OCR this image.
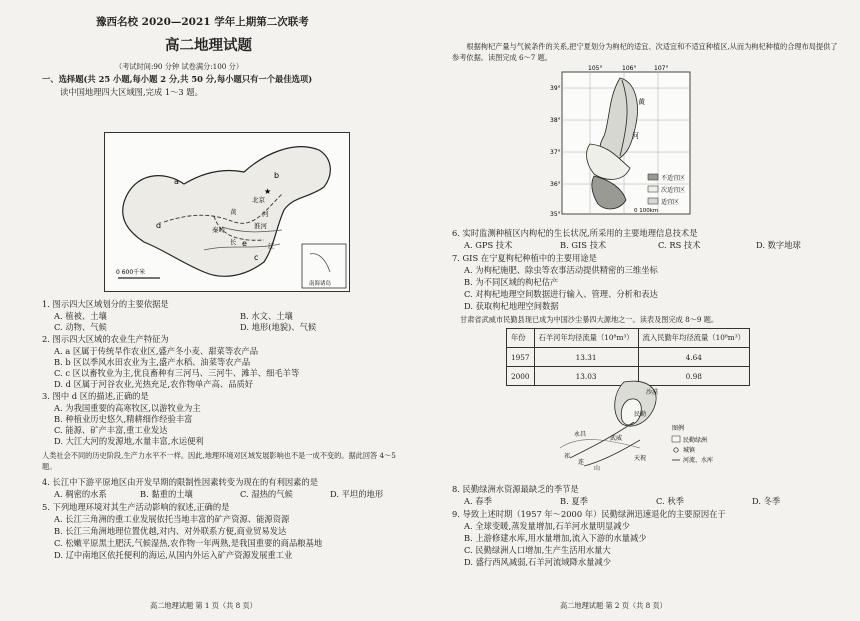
豫西名校 2020—2021 学年上期第二次联考
高二地理试题
（考试时间:90 分钟 试卷满分:100 分）
一、选择题(共 25 小题,每小题 2 分,共 50 分,每小题只有一个最佳选项)
读中国地理四大区域图,完成 1～3 题。
a
b
c
d
e
北京
★
黄	河
秦岭	淮河
长	江
0 600千米
南海诸岛
1. 图示四大区域划分的主要依据是
A. 植被、土壤	B. 水文、土壤
C. 动物、气候	D. 地形(地貌)、气候
2. 图示四大区域的农业生产特征为
A. a 区属于传统旱作农业区,盛产冬小麦、甜菜等农产品
B. b 区以季风水田农业为主,盛产水稻、油菜等农产品
C. c 区以畜牧业为主,优良畜种有三河马、三河牛、滩羊、细毛羊等
D. d 区属于河谷农业,光热充足,农作物单产高、品质好
3. 图中 d 区的描述,正确的是
A. 为我国重要的高寒牧区,以游牧业为主
B. 种植业历史悠久,精耕细作经验丰富
C. 能源、矿产丰富,重工业发达
D. 大江大河的发源地,水量丰富,水运便利
人类社会不同的历史阶段,生产力水平不一样。因此,地理环境对区域发展影响也不是一成不变的。据此回答 4～5 题。
4. 长江中下游平原地区由开发早期的限制性因素转变为现在的有利因素的是
A. 稠密的水系	B. 黏重的土壤	C. 湿热的气候	D. 平坦的地形
5. 下列地理环境对其生产活动影响的叙述,正确的是
A. 长江三角洲的重工业发展依托当地丰富的矿产资源、能源资源
B. 长江三角洲地理位置优越,对内、对外联系方便,商业贸易发达
C. 松嫩平原黑土肥沃,气候湿热,农作物一年两熟,是我国重要的商品粮基地
D. 辽中南地区依托便利的海运,从国内外运入矿产资源发展重工业
高二地理试题 第 1 页（共 8 页）
根据枸杞产量与气候条件的关系,把宁夏划分为枸杞的适宜、次适宜和不适宜种植区,从而为枸杞种植的合理布局提供了参考依据。读图完成 6～7 题。
105°	106°	107°
39°
38°
37°
36°
35°
黄
河
不适宜区
次适宜区
适宜区
0 100km
6. 实时监测种植区内枸杞的生长状况,所采用的主要地理信息技术是
A. GPS 技术	B. GIS 技术	C. RS 技术	D. 数字地球
7. GIS 在宁夏枸杞种植中的主要用途是
A. 为枸杞施肥、除虫等农事活动提供精密的三维坐标
B. 为不同区域的枸杞估产
C. 对枸杞地理空间数据进行输入、管理、分析和表达
D. 获取枸杞地理空间数据
甘肃省武威市民勤县现已成为中国沙尘暴四大源地之一。读表及图完成 8～9 题。
年份	石羊河年均径流量（10⁸m³）	流入民勤年均径流量（10⁸m³）
1957	13.31	4.64
2000	13.03	0.98
沙漠
民勤
武威
永昌
祁
连
山
天祝
图例
民勤绿洲
城镇
河流、水库
8. 民勤绿洲水资源最缺乏的季节是
A. 春季	B. 夏季	C. 秋季	D. 冬季
9. 导致上述时期（1957 年～2000 年）民勤绿洲迅速退化的主要原因在于
A. 全球变暖,蒸发量增加,石羊河水量明显减少
B. 上游修建水库,用水量增加,流入下游的水量减少
C. 民勤绿洲人口增加,生产生活用水量大
D. 盛行西风减弱,石羊河流域降水量减少
高二地理试题 第 2 页（共 8 页）
